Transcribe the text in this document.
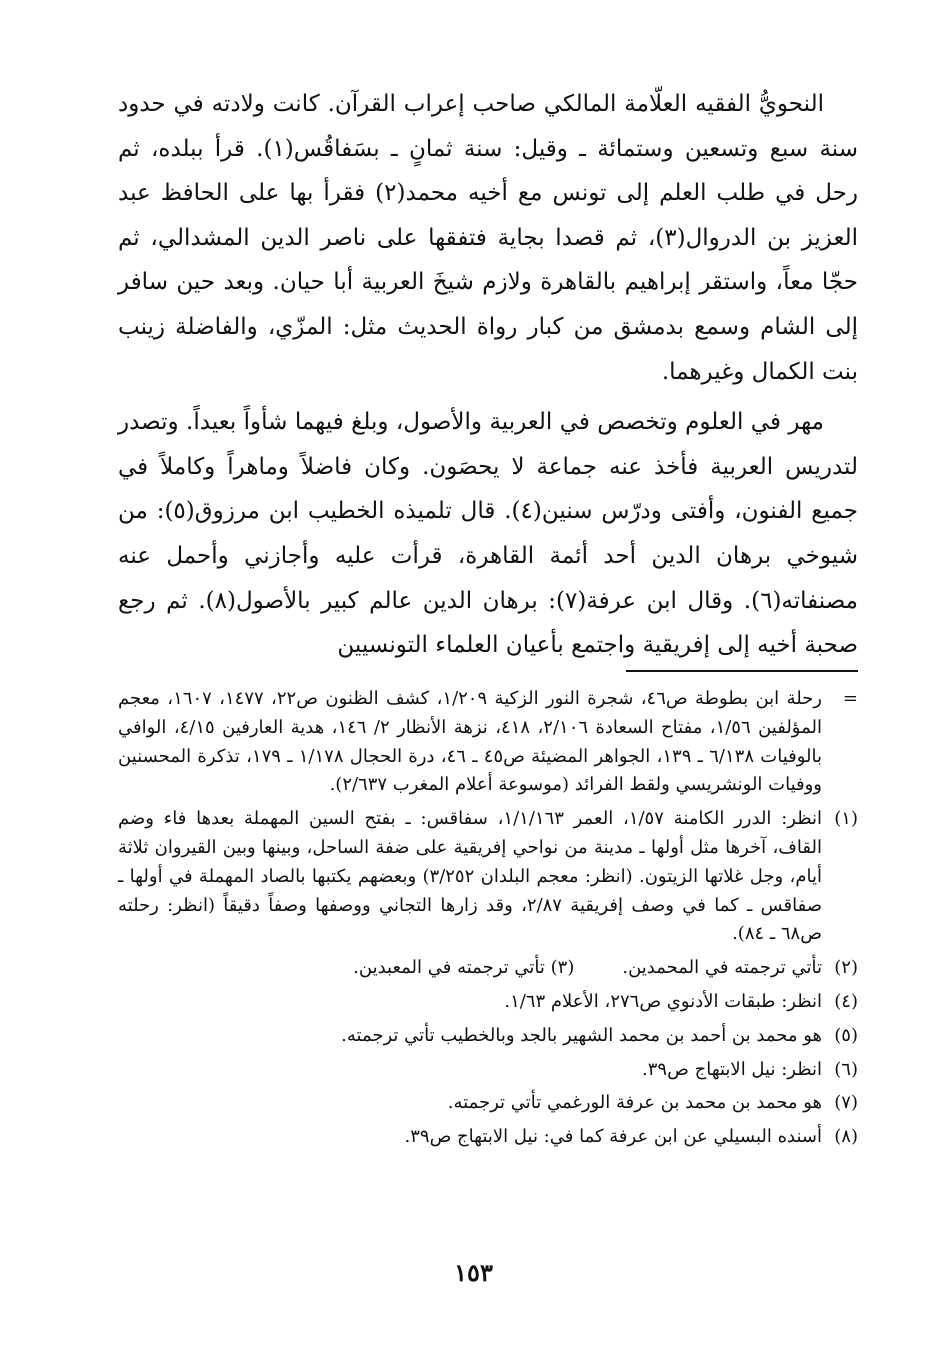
النحويُّ الفقيه العلّامة المالكي صاحب إعراب القرآن. كانت ولادته في حدود سنة سبع وتسعين وستمائة ـ وقيل: سنة ثمانٍ ـ بسَفاقُس(١). قرأ ببلده، ثم رحل في طلب العلم إلى تونس مع أخيه محمد(٢) فقرأ بها على الحافظ عبد العزيز بن الدروال(٣)، ثم قصدا بجاية فتفقها على ناصر الدين المشدالي، ثم حجّا معاً، واستقر إبراهيم بالقاهرة ولازم شيخَ العربية أبا حيان. وبعد حين سافر إلى الشام وسمع بدمشق من كبار رواة الحديث مثل: المزّي، والفاضلة زينب بنت الكمال وغيرهما.

مهر في العلوم وتخصص في العربية والأصول، وبلغ فيهما شأواً بعيداً. وتصدر لتدريس العربية فأخذ عنه جماعة لا يحصَون. وكان فاضلاً وماهراً وكاملاً في جميع الفنون، وأفتى ودرّس سنين(٤). قال تلميذه الخطيب ابن مرزوق(٥): من شيوخي برهان الدين أحد أئمة القاهرة، قرأت عليه وأجازني وأحمل عنه مصنفاته(٦). وقال ابن عرفة(٧): برهان الدين عالم كبير بالأصول(٨). ثم رجع صحبة أخيه إلى إفريقية واجتمع بأعيان العلماء التونسيين

=
رحلة ابن بطوطة ص٤٦، شجرة النور الزكية ١/٢٠٩، كشف الظنون ص٢٢، ١٤٧٧، ١٦٠٧، معجم المؤلفين ١/٥٦، مفتاح السعادة ٢/١٠٦، ٤١٨، نزهة الأنظار ٢/ ١٤٦، هدية العارفين ٤/١٥، الوافي بالوفيات ٦/١٣٨ ـ ١٣٩، الجواهر المضيئة ص٤٥ ـ ٤٦، درة الحجال ١/١٧٨ ـ ١٧٩، تذكرة المحسنين ووفيات الونشريسي ولقط الفرائد (موسوعة أعلام المغرب ٢/٦٣٧).
(١)
انظر: الدرر الكامنة ١/٥٧، العمر ١/١/١٦٣، سفاقس: ـ بفتح السين المهملة بعدها فاء وضم القاف، آخرها مثل أولها ـ مدينة من نواحي إفريقية على ضفة الساحل، وبينها وبين القيروان ثلاثة أيام، وجل غلاتها الزيتون. (انظر: معجم البلدان ٣/٢٥٢) وبعضهم يكتبها بالصاد المهملة في أولها ـ صفاقس ـ كما في وصف إفريقية ٢/٨٧، وقد زارها التجاني ووصفها وصفاً دقيقاً (انظر: رحلته ص٦٨ ـ ٨٤).
(٢)
تأتي ترجمته في المحمدين.(٣) تأتي ترجمته في المعبدين.
(٤)
انظر: طبقات الأدنوي ص٢٧٦، الأعلام ١/٦٣.
(٥)
هو محمد بن أحمد بن محمد الشهير بالجد وبالخطيب تأتي ترجمته.
(٦)
انظر: نيل الابتهاج ص٣٩.
(٧)
هو محمد بن محمد بن عرفة الورغمي تأتي ترجمته.
(٨)
أسنده البسيلي عن ابن عرفة كما في: نيل الابتهاج ص٣٩.
١٥٣
